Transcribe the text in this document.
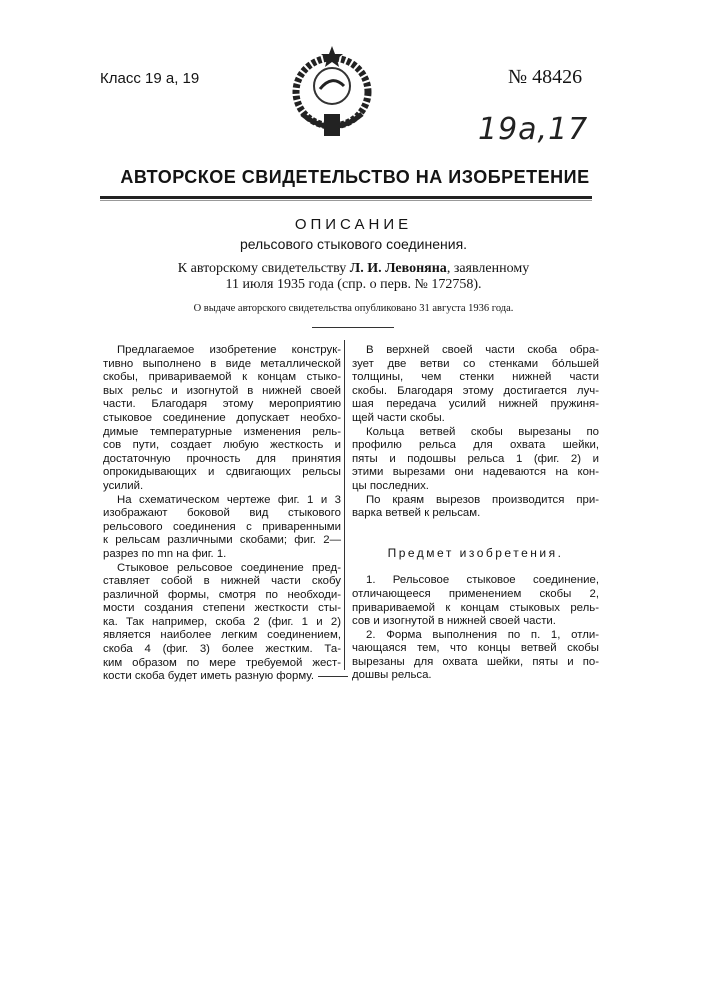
Класс 19 а, 19	№ 48426
19a,17
АВТОРСКОЕ СВИДЕТЕЛЬСТВО НА ИЗОБРЕТЕНИЕ
ОПИСАНИЕ
рельсового стыкового соединения.
К авторскому свидетельству Л. И. Левоняна, заявленному
11 июля 1935 года (спр. о перв. № 172758).
О выдаче авторского свидетельства опубликовано 31 августа 1936 года.
Предлагаемое изобретение конструк-
тивно выполнено в виде металлической
скобы, привариваемой к концам стыко-
вых рельс и изогнутой в нижней своей
части. Благодаря этому мероприятию
стыковое соединение допускает необхо-
димые температурные изменения рель-
сов пути, создает любую жесткость и
достаточную прочность для принятия
опрокидывающих и сдвигающих рельсы
усилий.
На схематическом чертеже фиг. 1 и 3
изображают боковой вид стыкового
рельсового соединения с приваренными
к рельсам различными скобами; фиг. 2—
разрез по mn на фиг. 1.
Стыковое рельсовое соединение пред-
ставляет собой в нижней части скобу
различной формы, смотря по необходи-
мости создания степени жесткости сты-
ка. Так например, скоба 2 (фиг. 1 и 2)
является наиболее легким соединением,
скоба 4 (фиг. 3) более жестким. Та-
ким образом по мере требуемой жест-
кости скоба будет иметь разную форму.
В верхней своей части скоба обра-
зует две ветви со стенками бо́льшей
толщины, чем стенки нижней части
скобы. Благодаря этому достигается луч-
шая передача усилий нижней пружиня-
щей части скобы.
Кольца ветвей скобы вырезаны по
профилю рельса для охвата шейки,
пяты и подошвы рельса 1 (фиг. 2) и
этими вырезами они надеваются на кон-
цы последних.
По краям вырезов производится при-
варка ветвей к рельсам.
Предмет изобретения.
1. Рельсовое стыковое соединение,
отличающееся применением скобы 2,
привариваемой к концам стыковых рель-
сов и изогнутой в нижней своей части.
2. Форма выполнения по п. 1, отли-
чающаяся тем, что концы ветвей скобы
вырезаны для охвата шейки, пяты и по-
дошвы рельса.
